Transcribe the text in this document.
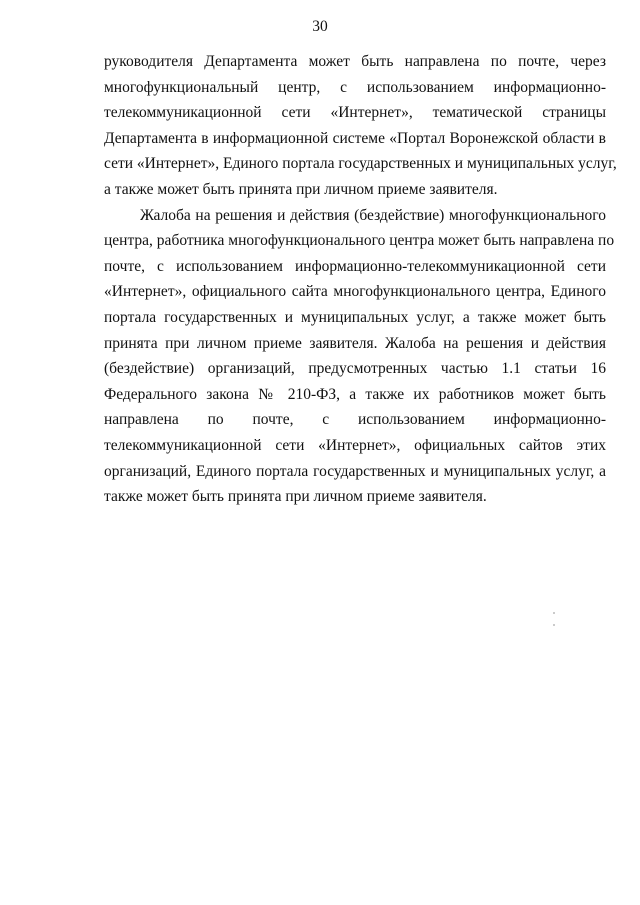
30
руководителя Департамента может быть направлена по почте, через
многофункциональный центр, с использованием информационно-
телекоммуникационной сети «Интернет», тематической страницы
Департамента в информационной системе «Портал Воронежской области в
сети «Интернет», Единого портала государственных и муниципальных услуг,
а также может быть принята при личном приеме заявителя.
Жалоба на решения и действия (бездействие) многофункционального
центра, работника многофункционального центра может быть направлена по
почте, с использованием информационно-телекоммуникационной сети
«Интернет», официального сайта многофункционального центра, Единого
портала государственных и муниципальных услуг, а также может быть
принята при личном приеме заявителя. Жалоба на решения и действия
(бездействие) организаций, предусмотренных частью 1.1 статьи 16
Федерального закона № 210-ФЗ, а также их работников может быть
направлена по почте, с использованием информационно-
телекоммуникационной сети «Интернет», официальных сайтов этих
организаций, Единого портала государственных и муниципальных услуг, а
также может быть принята при личном приеме заявителя.
